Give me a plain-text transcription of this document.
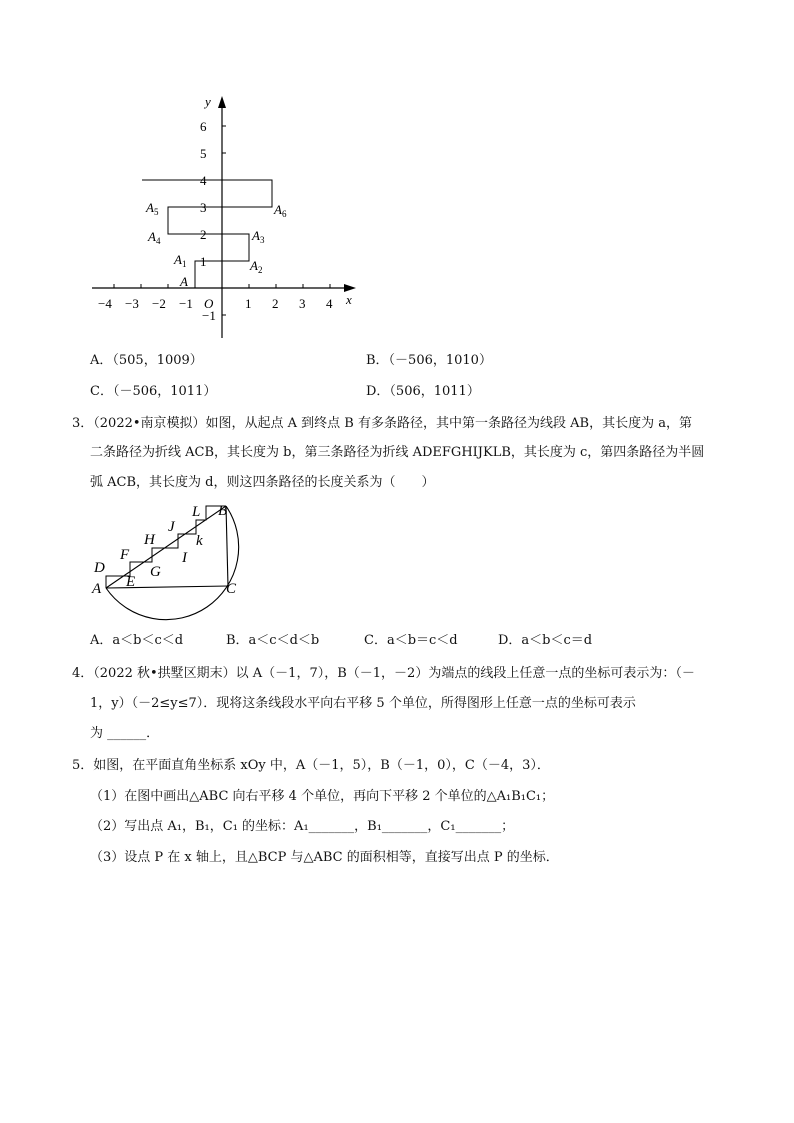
−4 −3 −2 −1	1 2 3 4
6
5
4
3
2
1
−1
O	x
y
A
$A_1$	$A_2$
$A_3$
$A_4$
$A_5$	$A_6$
A．（505，1009）	B．（－506，1010）
C．（－506，1011）	D．（506，1011）
3．（2022•南京模拟）如图，从起点 A 到终点 B 有多条路径，其中第一条路径为线段 AB，其长度为 a，第
二条路径为折线 ACB，其长度为 b，第三条路径为折线 ADEFGHIJKLB，其长度为 c，第四条路径为半圆
弧 ACB，其长度为 d，则这四条路径的长度关系为（　　）
L B
J
k
H
I
F
G
D
E
A	C
A．a＜b＜c＜d	B．a＜c＜d＜b	C．a＜b＝c＜d	D．a＜b＜c＝d
4．（2022 秋•拱墅区期末）以 A（－1，7），B（－1，－2）为端点的线段上任意一点的坐标可表示为：（－
1，y）（－2≤y≤7）．现将这条线段水平向右平移 5 个单位，所得图形上任意一点的坐标可表示
为 ______．
5．如图，在平面直角坐标系 xOy 中，A（－1，5），B（－1，0），C（－4，3）．
（1）在图中画出△ABC 向右平移 4 个单位，再向下平移 2 个单位的△A₁B₁C₁；
（2）写出点 A₁，B₁，C₁ 的坐标：A₁_______，B₁_______，C₁_______；
（3）设点 P 在 x 轴上，且△BCP 与△ABC 的面积相等，直接写出点 P 的坐标．
